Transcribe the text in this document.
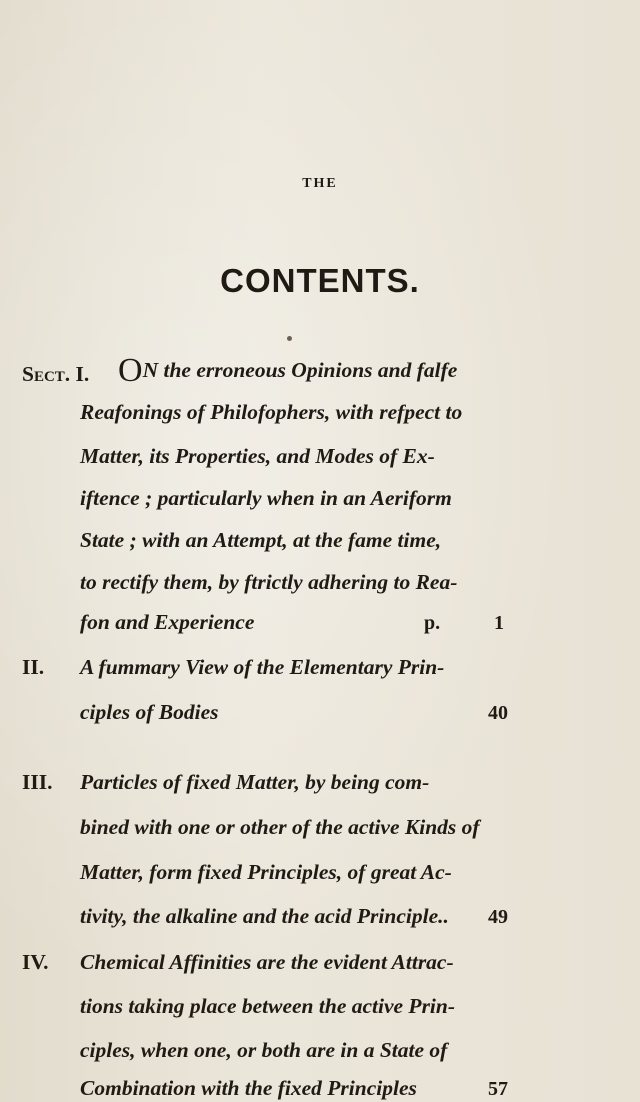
THE
CONTENTS.
Sect. I. ON the erroneous Opinions and falfe
Reafonings of Philofophers, with refpect to
Matter, its Properties, and Modes of Ex-
iftence ; particularly when in an Aeriform
State ; with an Attempt, at the fame time,
to rectify them, by ftrictly adhering to Rea-
fon and Experience	p.	1
II. A fummary View of the Elementary Prin-
ciples of Bodies	40
III. Particles of fixed Matter, by being com-
bined with one or other of the active Kinds of
Matter, form fixed Principles, of great Ac-
tivity, the alkaline and the acid Principle.. 49
IV. Chemical Affinities are the evident Attrac-
tions taking place between the active Prin-
ciples, when one, or both are in a State of
Combination with the fixed Principles	57
